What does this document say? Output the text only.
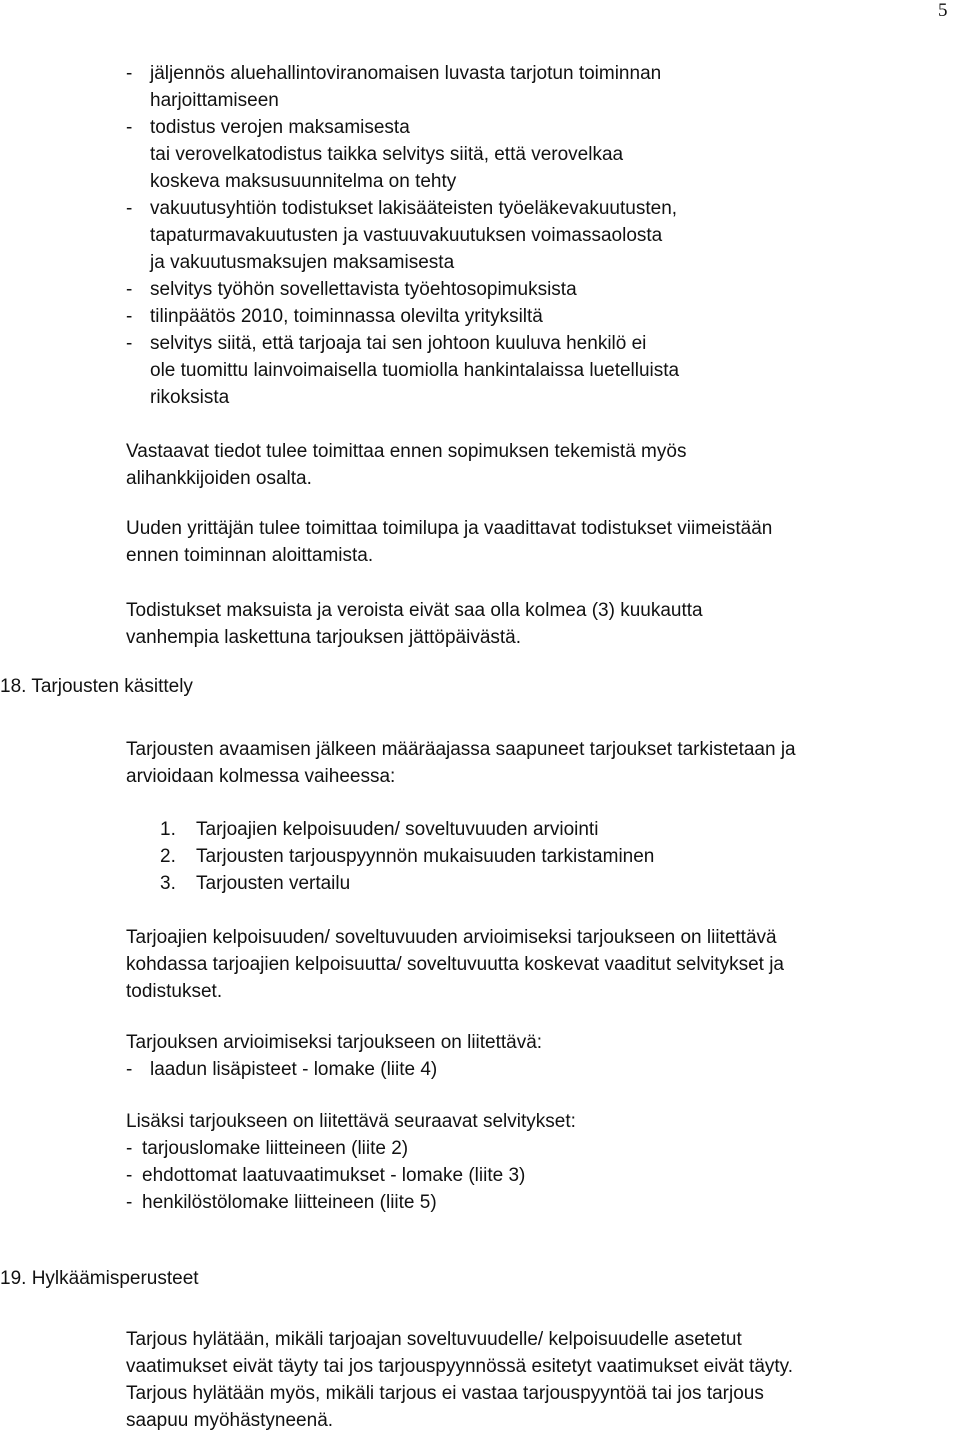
5

- jäljennös aluehallintoviranomaisen luvasta tarjotun toiminnan

harjoittamiseen

- todistus verojen maksamisesta

tai verovelkatodistus taikka selvitys siitä, että verovelkaa

koskeva maksusuunnitelma on tehty

- vakuutusyhtiön todistukset lakisääteisten työeläkevakuutusten,

tapaturmavakuutusten ja vastuuvakuutuksen voimassaolosta

ja vakuutusmaksujen maksamisesta

- selvitys työhön sovellettavista työehtosopimuksista

- tilinpäätös 2010, toiminnassa olevilta yrityksiltä

- selvitys siitä, että tarjoaja tai sen johtoon kuuluva henkilö ei

ole tuomittu lainvoimaisella tuomiolla hankintalaissa luetelluista

rikoksista

Vastaavat tiedot tulee toimittaa ennen sopimuksen tekemistä myös

alihankkijoiden osalta.

Uuden yrittäjän tulee toimittaa toimilupa ja vaadittavat todistukset viimeistään

ennen toiminnan aloittamista.

Todistukset maksuista ja veroista eivät saa olla kolmea (3) kuukautta

vanhempia laskettuna tarjouksen jättöpäivästä.

18. Tarjousten käsittely

Tarjousten avaamisen jälkeen määräajassa saapuneet tarjoukset tarkistetaan ja

arvioidaan kolmessa vaiheessa:

1. Tarjoajien kelpoisuuden/ soveltuvuuden arviointi

2. Tarjousten tarjouspyynnön mukaisuuden tarkistaminen

3. Tarjousten vertailu

Tarjoajien kelpoisuuden/ soveltuvuuden arvioimiseksi tarjoukseen on liitettävä

kohdassa tarjoajien kelpoisuutta/ soveltuvuutta koskevat vaaditut selvitykset ja

todistukset.

Tarjouksen arvioimiseksi tarjoukseen on liitettävä:

- laadun lisäpisteet - lomake (liite 4)

Lisäksi tarjoukseen on liitettävä seuraavat selvitykset:

- tarjouslomake liitteineen (liite 2)

- ehdottomat laatuvaatimukset - lomake (liite 3)

- henkilöstölomake liitteineen (liite 5)

19. Hylkäämisperusteet

Tarjous hylätään, mikäli tarjoajan soveltuvuudelle/ kelpoisuudelle asetetut

vaatimukset eivät täyty tai jos tarjouspyynnössä esitetyt vaatimukset eivät täyty.

Tarjous hylätään myös, mikäli tarjous ei vastaa tarjouspyyntöä tai jos tarjous

saapuu myöhästyneenä.
